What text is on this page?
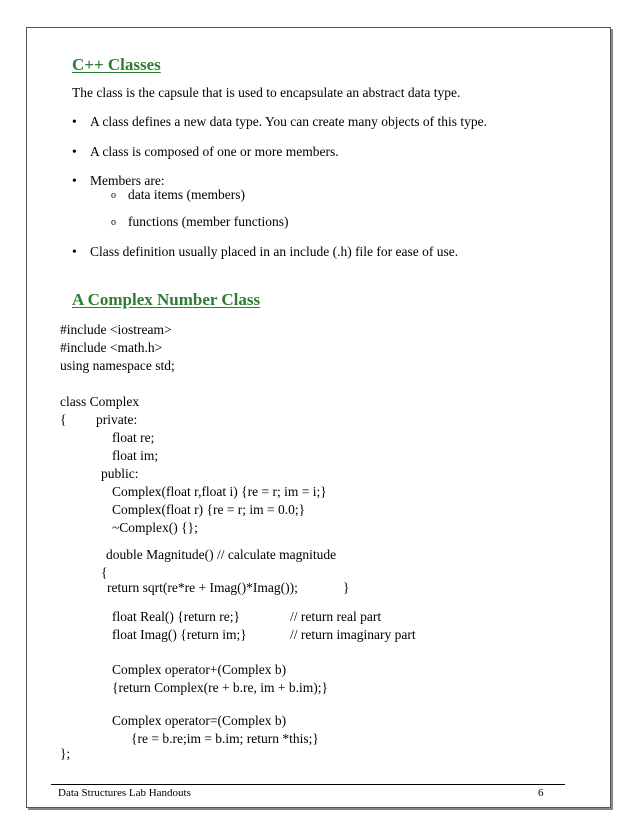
C++ Classes
The class is the capsule that is used to encapsulate an abstract data type.
• A class defines a new data type. You can create many objects of this type.
• A class is composed of one or more members.
• Members are:
o data items (members)
o functions (member functions)
• Class definition usually placed in an include (.h) file for ease of use.
A Complex Number Class
#include <iostream>
#include <math.h>
using namespace std;
class Complex
{ private:
float re;
float im;
public:
Complex(float r,float i) {re = r; im = i;}
Complex(float r) {re = r; im = 0.0;}
~Complex() {};
double Magnitude() // calculate magnitude
{
return sqrt(re*re + Imag()*Imag());	}
float Real() {return re;}	// return real part
float Imag() {return im;}	// return imaginary part
Complex operator+(Complex b)
{return Complex(re + b.re, im + b.im);}
Complex operator=(Complex b)
{re = b.re;im = b.im; return *this;}
};
Data Structures Lab Handouts	6
